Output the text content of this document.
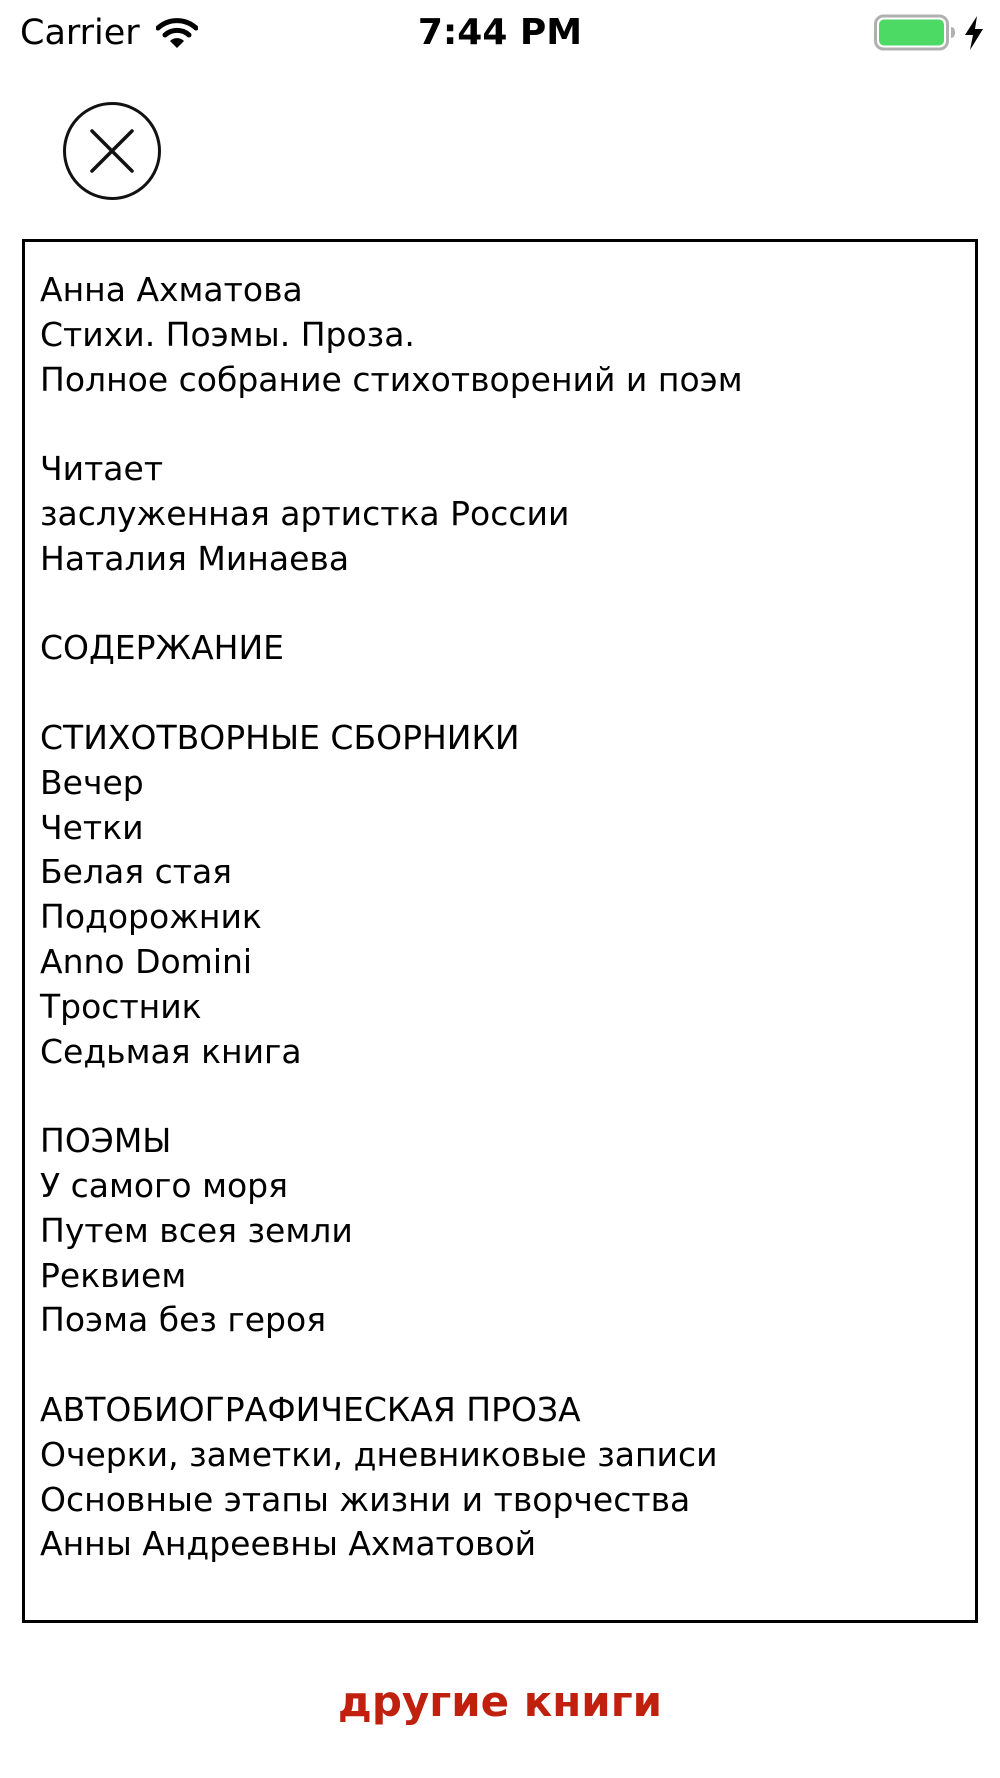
Carrier	7:44 PM
Анна Ахматова
Стихи. Поэмы. Проза.
Полное собрание стихотворений и поэм
Читает
заслуженная артистка России
Наталия Минаева
СОДЕРЖАНИЕ
СТИХОТВОРНЫЕ СБОРНИКИ
Вечер
Четки
Белая стая
Подорожник
Anno Domini
Тростник
Седьмая книга
ПОЭМЫ
У самого моря
Путем всея земли
Реквием
Поэма без героя
АВТОБИОГРАФИЧЕСКАЯ ПРОЗА
Очерки, заметки, дневниковые записи
Основные этапы жизни и творчества
Анны Андреевны Ахматовой
другие книги
